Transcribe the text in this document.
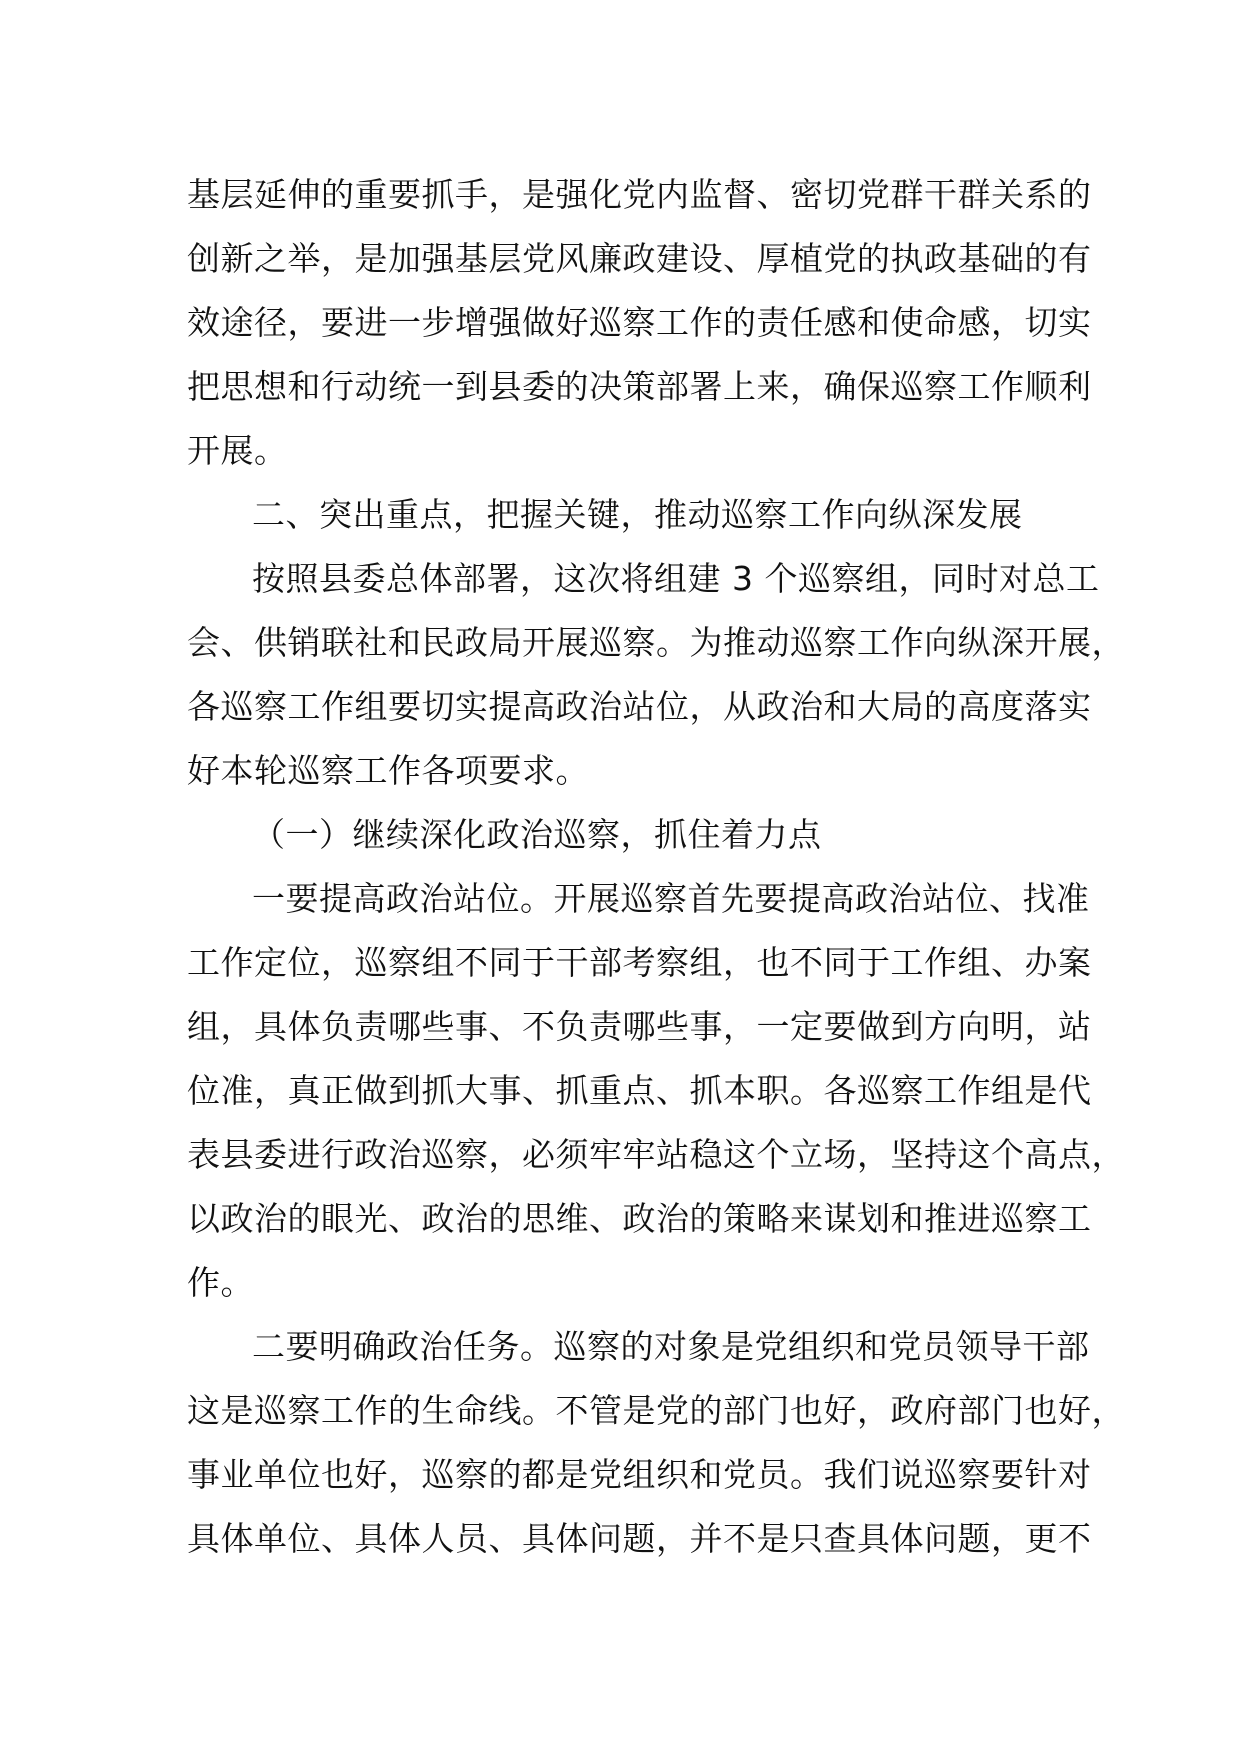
基层延伸的重要抓手，是强化党内监督、密切党群干群关系的

创新之举，是加强基层党风廉政建设、厚植党的执政基础的有

效途径，要进一步增强做好巡察工作的责任感和使命感，切实

把思想和行动统一到县委的决策部署上来，确保巡察工作顺利

开展。

二、突出重点，把握关键，推动巡察工作向纵深发展

按照县委总体部署，这次将组建 3 个巡察组，同时对总工

会、供销联社和民政局开展巡察。为推动巡察工作向纵深开展，

各巡察工作组要切实提高政治站位，从政治和大局的高度落实

好本轮巡察工作各项要求。

（一）继续深化政治巡察，抓住着力点

一要提高政治站位。开展巡察首先要提高政治站位、找准

工作定位，巡察组不同于干部考察组，也不同于工作组、办案

组，具体负责哪些事、不负责哪些事，一定要做到方向明，站

位准，真正做到抓大事、抓重点、抓本职。各巡察工作组是代

表县委进行政治巡察，必须牢牢站稳这个立场，坚持这个高点，

以政治的眼光、政治的思维、政治的策略来谋划和推进巡察工

作。

二要明确政治任务。巡察的对象是党组织和党员领导干部

这是巡察工作的生命线。不管是党的部门也好，政府部门也好，

事业单位也好，巡察的都是党组织和党员。我们说巡察要针对

具体单位、具体人员、具体问题，并不是只查具体问题，更不
